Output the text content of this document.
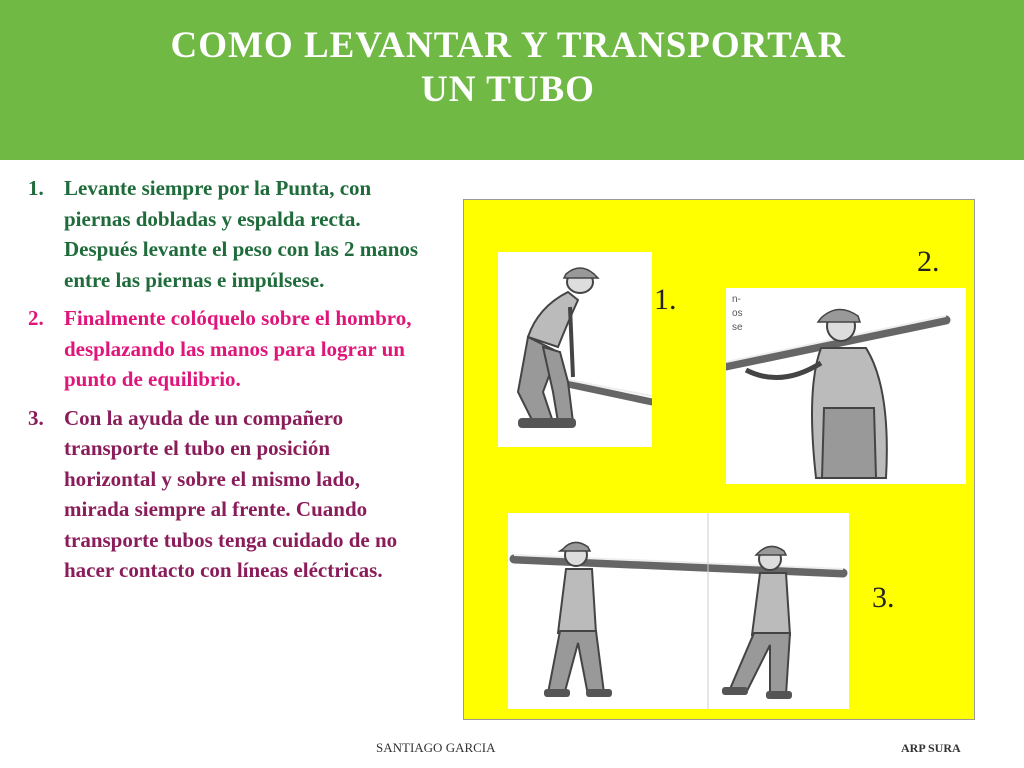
COMO LEVANTAR Y TRANSPORTAR
UN TUBO
1. Levante siempre por la Punta, con piernas dobladas y espalda recta. Después levante el peso con las 2 manos entre las piernas e impúlsese.
2. Finalmente colóquelo sobre el hombro, desplazando las manos para lograr un punto de equilibrio.
3. Con la ayuda de un compañero transporte el tubo en posición horizontal y sobre el mismo lado, mirada siempre al frente. Cuando transporte tubos tenga cuidado de no hacer contacto con líneas eléctricas.
1.	n-
os
se
2.
3.
SANTIAGO GARCIA	ARP SURA
